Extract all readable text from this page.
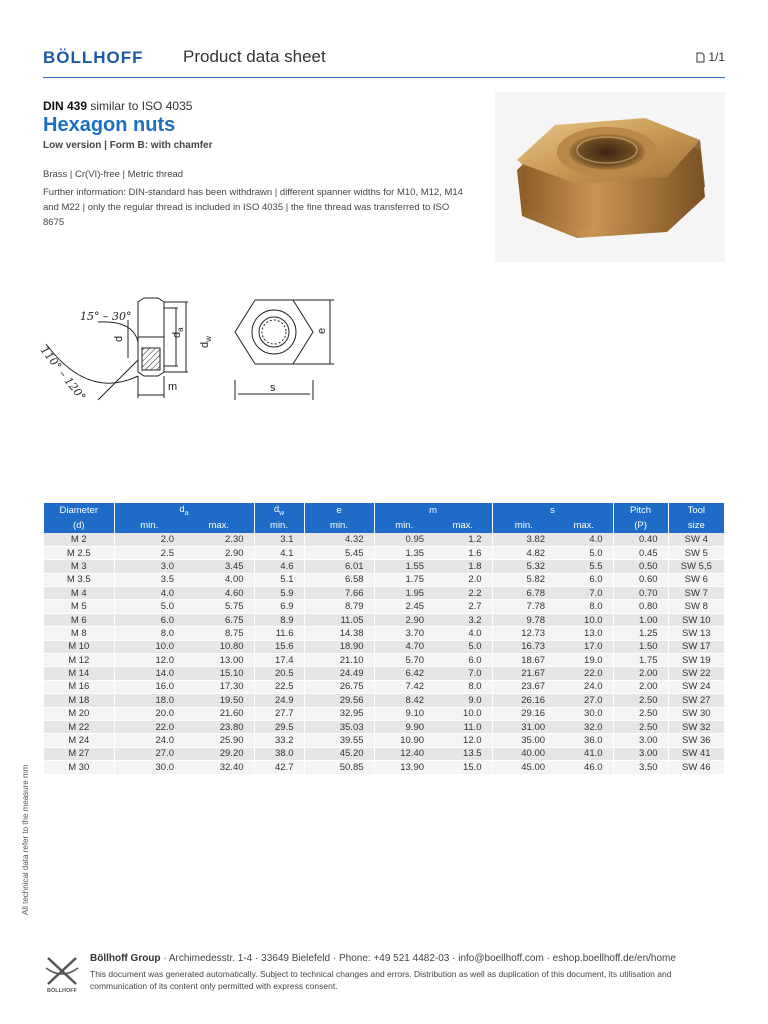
BÖLLHOFF Product data sheet	1/1
DIN 439 similar to ISO 4035
Hexagon nuts
Low version | Form B: with chamfer
Brass | Cr(VI)-free | Metric thread
Further information: DIN-standard has been withdrawn | different spanner widths for M10, M12, M14 and M22 | only the regular thread is included in ISO 4035 | the fine thread was transferred to ISO 8675
15° – 30°
110° – 120°
d
$d_a$
$d_w$
m	s
e
Diameter	$d_a$		$d_w$	e	m		s		Pitch	Tool
(d)	min.	max.	min.	min.	min.	max.	min.	max.	(P)	size
M 2	2.0	2.30	3.1	4.32	0.95	1.2	3.82	4.0	0.40	SW 4
M 2.5	2.5	2.90	4.1	5.45	1.35	1.6	4.82	5.0	0.45	SW 5
M 3	3.0	3.45	4.6	6.01	1.55	1.8	5.32	5.5	0.50	SW 5,5
M 3.5	3.5	4.00	5.1	6.58	1.75	2.0	5.82	6.0	0.60	SW 6
M 4	4.0	4.60	5.9	7.66	1.95	2.2	6.78	7.0	0.70	SW 7
M 5	5.0	5.75	6.9	8.79	2.45	2.7	7.78	8.0	0.80	SW 8
M 6	6.0	6.75	8.9	11.05	2.90	3.2	9.78	10.0	1.00	SW 10
M 8	8.0	8.75	11.6	14.38	3.70	4.0	12.73	13.0	1.25	SW 13
M 10	10.0	10.80	15.6	18.90	4.70	5.0	16.73	17.0	1.50	SW 17
M 12	12.0	13.00	17.4	21.10	5.70	6.0	18.67	19.0	1.75	SW 19
M 14	14.0	15.10	20.5	24.49	6.42	7.0	21.67	22.0	2.00	SW 22
M 16	16.0	17.30	22.5	26.75	7.42	8.0	23.67	24.0	2.00	SW 24
M 18	18.0	19.50	24.9	29.56	8.42	9.0	26.16	27.0	2.50	SW 27
M 20	20.0	21.60	27.7	32.95	9.10	10.0	29.16	30.0	2.50	SW 30
M 22	22.0	23.80	29.5	35.03	9.90	11.0	31.00	32.0	2.50	SW 32
M 24	24.0	25.90	33.2	39.55	10.90	12.0	35.00	36.0	3.00	SW 36
M 27	27.0	29.20	38.0	45.20	12.40	13.5	40.00	41.0	3.00	SW 41
M 30	30.0	32.40	42.7	50.85	13.90	15.0	45.00	46.0	3.50	SW 46
All technical data refer to the measure mm
BÖLLHOFF
Böllhoff Group · Archimedesstr. 1-4 · 33649 Bielefeld · Phone: +49 521 4482-03 · info@boellhoff.com · eshop.boellhoff.de/en/home
This document was generated automatically. Subject to technical changes and errors. Distribution as well as duplication of this document, its utilisation and communication of its content only permitted with express consent.
